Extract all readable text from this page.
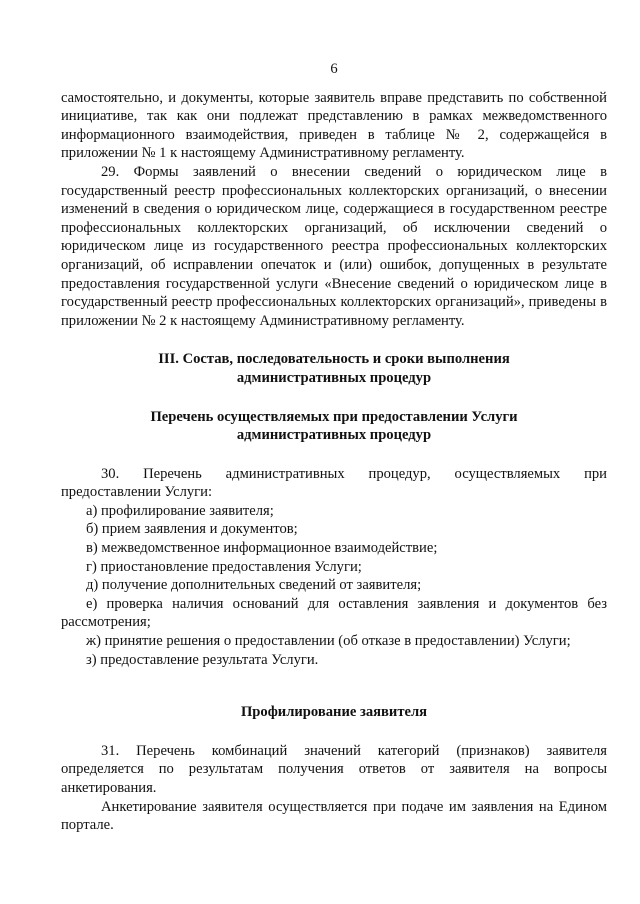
6

самостоятельно, и документы, которые заявитель вправе представить по собственной инициативе, так как они подлежат представлению в рамках межведомственного информационного взаимодействия, приведен в таблице № 2, содержащейся в приложении № 1 к настоящему Административному регламенту.

29. Формы заявлений о внесении сведений о юридическом лице в государственный реестр профессиональных коллекторских организаций, о внесении изменений в сведения о юридическом лице, содержащиеся в государственном реестре профессиональных коллекторских организаций, об исключении сведений о юридическом лице из государственного реестра профессиональных коллекторских организаций, об исправлении опечаток и (или) ошибок, допущенных в результате предоставления государственной услуги «Внесение сведений о юридическом лице в государственный реестр профессиональных коллекторских организаций», приведены в приложении № 2 к настоящему Административному регламенту.

III. Состав, последовательность и сроки выполнения

административных процедур

Перечень осуществляемых при предоставлении Услуги

административных процедур

30. Перечень административных процедур, осуществляемых при предоставлении Услуги:

а) профилирование заявителя;

б) прием заявления и документов;

в) межведомственное информационное взаимодействие;

г) приостановление предоставления Услуги;

д) получение дополнительных сведений от заявителя;

е) проверка наличия оснований для оставления заявления и документов без рассмотрения;

ж) принятие решения о предоставлении (об отказе в предоставлении) Услуги;

з) предоставление результата Услуги.

Профилирование заявителя

31. Перечень комбинаций значений категорий (признаков) заявителя определяется по результатам получения ответов от заявителя на вопросы анкетирования.

Анкетирование заявителя осуществляется при подаче им заявления на Едином портале.
